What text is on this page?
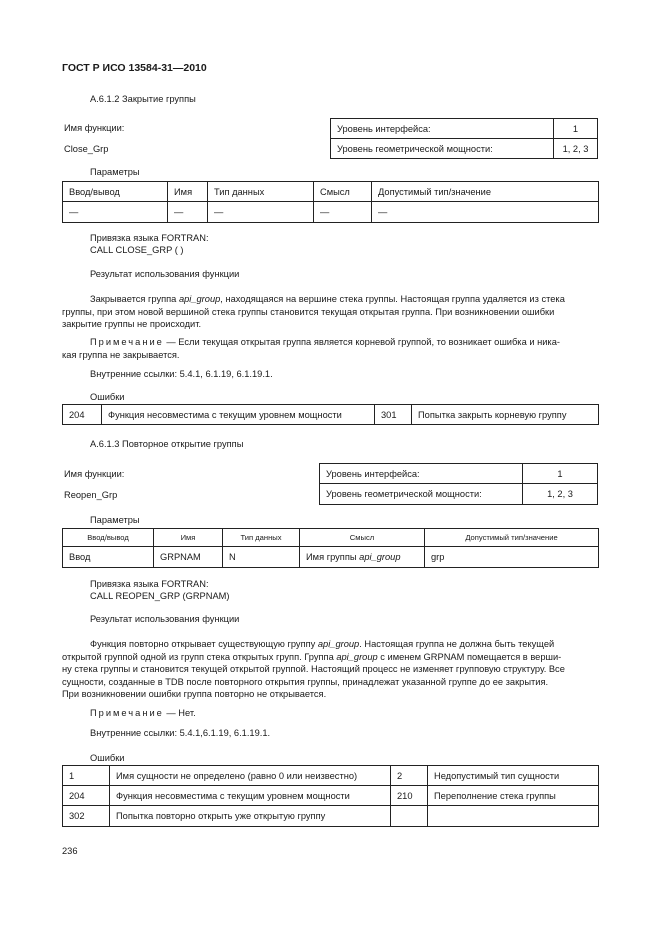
ГОСТ Р ИСО 13584-31—2010
А.6.1.2 Закрытие группы
Имя функции:
Close_Grp
Уровень интерфейса:	1
Уровень геометрической мощности:	1, 2, 3
Параметры
Ввод/вывод	Имя	Тип данных	Смысл	Допустимый тип/значение
—	—	—	—	—
Привязка языка FORTRAN:
CALL CLOSE_GRP ( )
Результат использования функции
Закрывается группа api_group, находящаяся на вершине стека группы. Настоящая группа удаляется из стека
группы, при этом новой вершиной стека группы становится текущая открытая группа. При возникновении ошибки
закрытие группы не происходит.
Примечание — Если текущая открытая группа является корневой группой, то возникает ошибка и ника-
кая группа не закрывается.
Внутренние ссылки: 5.4.1, 6.1.19, 6.1.19.1.
Ошибки
204	Функция несовместима с текущим уровнем мощности	301	Попытка закрыть корневую группу
А.6.1.3 Повторное открытие группы
Имя функции:
Reopen_Grp
Уровень интерфейса:	1
Уровень геометрической мощности:	1, 2, 3
Параметры
Ввод/вывод	Имя	Тип данных	Смысл	Допустимый тип/значение
Ввод	GRPNAM	N	Имя группы api_group	grp
Привязка языка FORTRAN:
CALL REOPEN_GRP (GRPNAM)
Результат использования функции
Функция повторно открывает существующую группу api_group. Настоящая группа не должна быть текущей
открытой группой одной из групп стека открытых групп. Группа api_group с именем GRPNAM помещается в верши-
ну стека группы и становится текущей открытой группой. Настоящий процесс не изменяет групповую структуру. Все
сущности, созданные в TDB после повторного открытия группы, принадлежат указанной группе до ее закрытия.
При возникновении ошибки группа повторно не открывается.
Примечание — Нет.
Внутренние ссылки: 5.4.1,6.1.19, 6.1.19.1.
Ошибки
1	Имя сущности не определено (равно 0 или неизвестно)	2	Недопустимый тип сущности
204	Функция несовместима с текущим уровнем мощности	210	Переполнение стека группы
302	Попытка повторно открыть уже открытую группу		
236
